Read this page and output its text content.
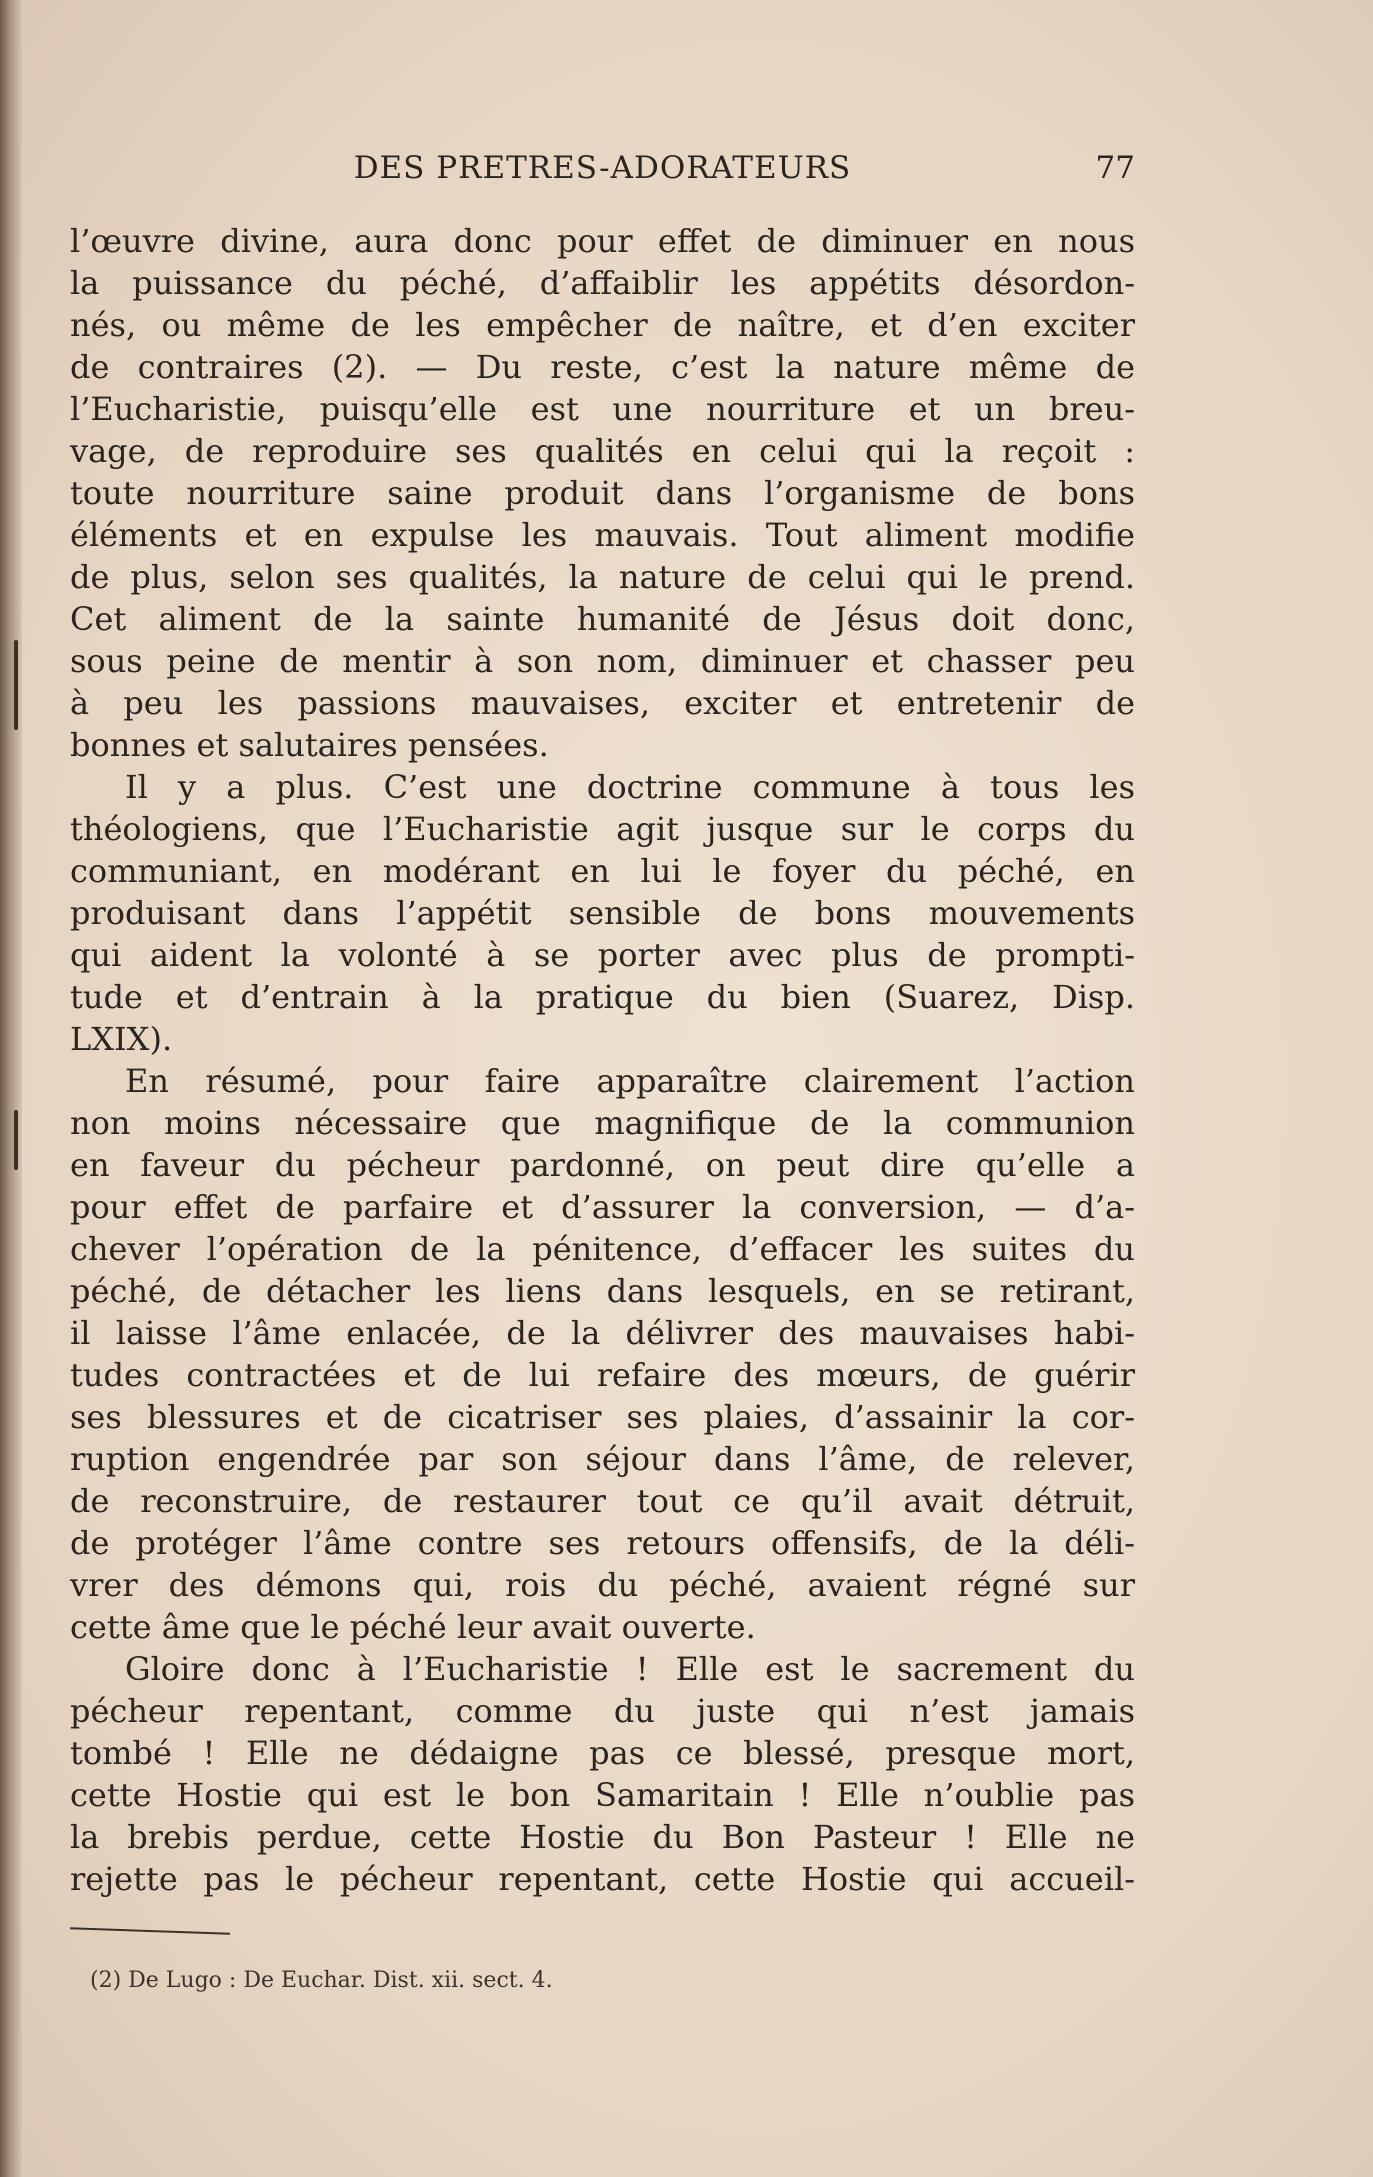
DES PRETRES-ADORATEURS	77
l’œuvre divine, aura donc pour effet de diminuer en nous
la puissance du péché, d’affaiblir les appétits désordon-
nés, ou même de les empêcher de naître, et d’en exciter
de contraires (2). — Du reste, c’est la nature même de
l’Eucharistie, puisqu’elle est une nourriture et un breu-
vage, de reproduire ses qualités en celui qui la reçoit :
toute nourriture saine produit dans l’organisme de bons
éléments et en expulse les mauvais. Tout aliment modifie
de plus, selon ses qualités, la nature de celui qui le prend.
Cet aliment de la sainte humanité de Jésus doit donc,
sous peine de mentir à son nom, diminuer et chasser peu
à peu les passions mauvaises, exciter et entretenir de
bonnes et salutaires pensées.
Il y a plus. C’est une doctrine commune à tous les
théologiens, que l’Eucharistie agit jusque sur le corps du
communiant, en modérant en lui le foyer du péché, en
produisant dans l’appétit sensible de bons mouvements
qui aident la volonté à se porter avec plus de prompti-
tude et d’entrain à la pratique du bien (Suarez, Disp.
LXIX).
En résumé, pour faire apparaître clairement l’action
non moins nécessaire que magnifique de la communion
en faveur du pécheur pardonné, on peut dire qu’elle a
pour effet de parfaire et d’assurer la conversion, — d’a-
chever l’opération de la pénitence, d’effacer les suites du
péché, de détacher les liens dans lesquels, en se retirant,
il laisse l’âme enlacée, de la délivrer des mauvaises habi-
tudes contractées et de lui refaire des mœurs, de guérir
ses blessures et de cicatriser ses plaies, d’assainir la cor-
ruption engendrée par son séjour dans l’âme, de relever,
de reconstruire, de restaurer tout ce qu’il avait détruit,
de protéger l’âme contre ses retours offensifs, de la déli-
vrer des démons qui, rois du péché, avaient régné sur
cette âme que le péché leur avait ouverte.
Gloire donc à l’Eucharistie ! Elle est le sacrement du
pécheur repentant, comme du juste qui n’est jamais
tombé ! Elle ne dédaigne pas ce blessé, presque mort,
cette Hostie qui est le bon Samaritain ! Elle n’oublie pas
la brebis perdue, cette Hostie du Bon Pasteur ! Elle ne
rejette pas le pécheur repentant, cette Hostie qui accueil-
(2) De Lugo : De Euchar. Dist. xii. sect. 4.
